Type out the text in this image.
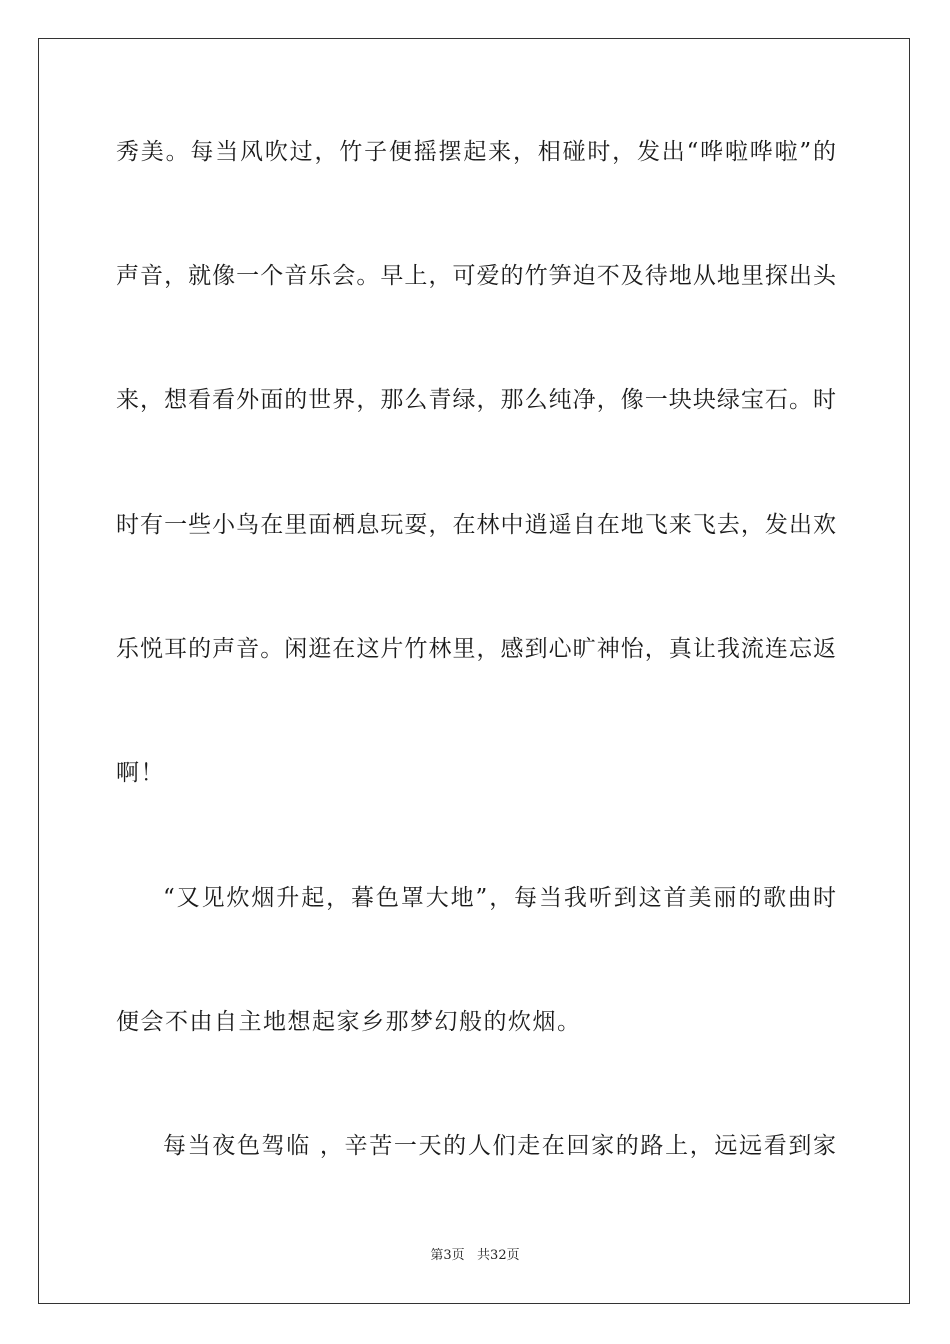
秀美。每当风吹过，竹子便摇摆起来，相碰时，发出“哗啦哗啦”的
声音，就像一个音乐会。早上，可爱的竹笋迫不及待地从地里探出头
来，想看看外面的世界，那么青绿，那么纯净，像一块块绿宝石。时
时有一些小鸟在里面栖息玩耍，在林中逍遥自在地飞来飞去，发出欢
乐悦耳的声音。闲逛在这片竹林里，感到心旷神怡，真让我流连忘返
啊！
“又见炊烟升起，暮色罩大地”，每当我听到这首美丽的歌曲时
便会不由自主地想起家乡那梦幻般的炊烟。
每当夜色驾临 ，辛苦一天的人们走在回家的路上，远远看到家
第3页   共32页
